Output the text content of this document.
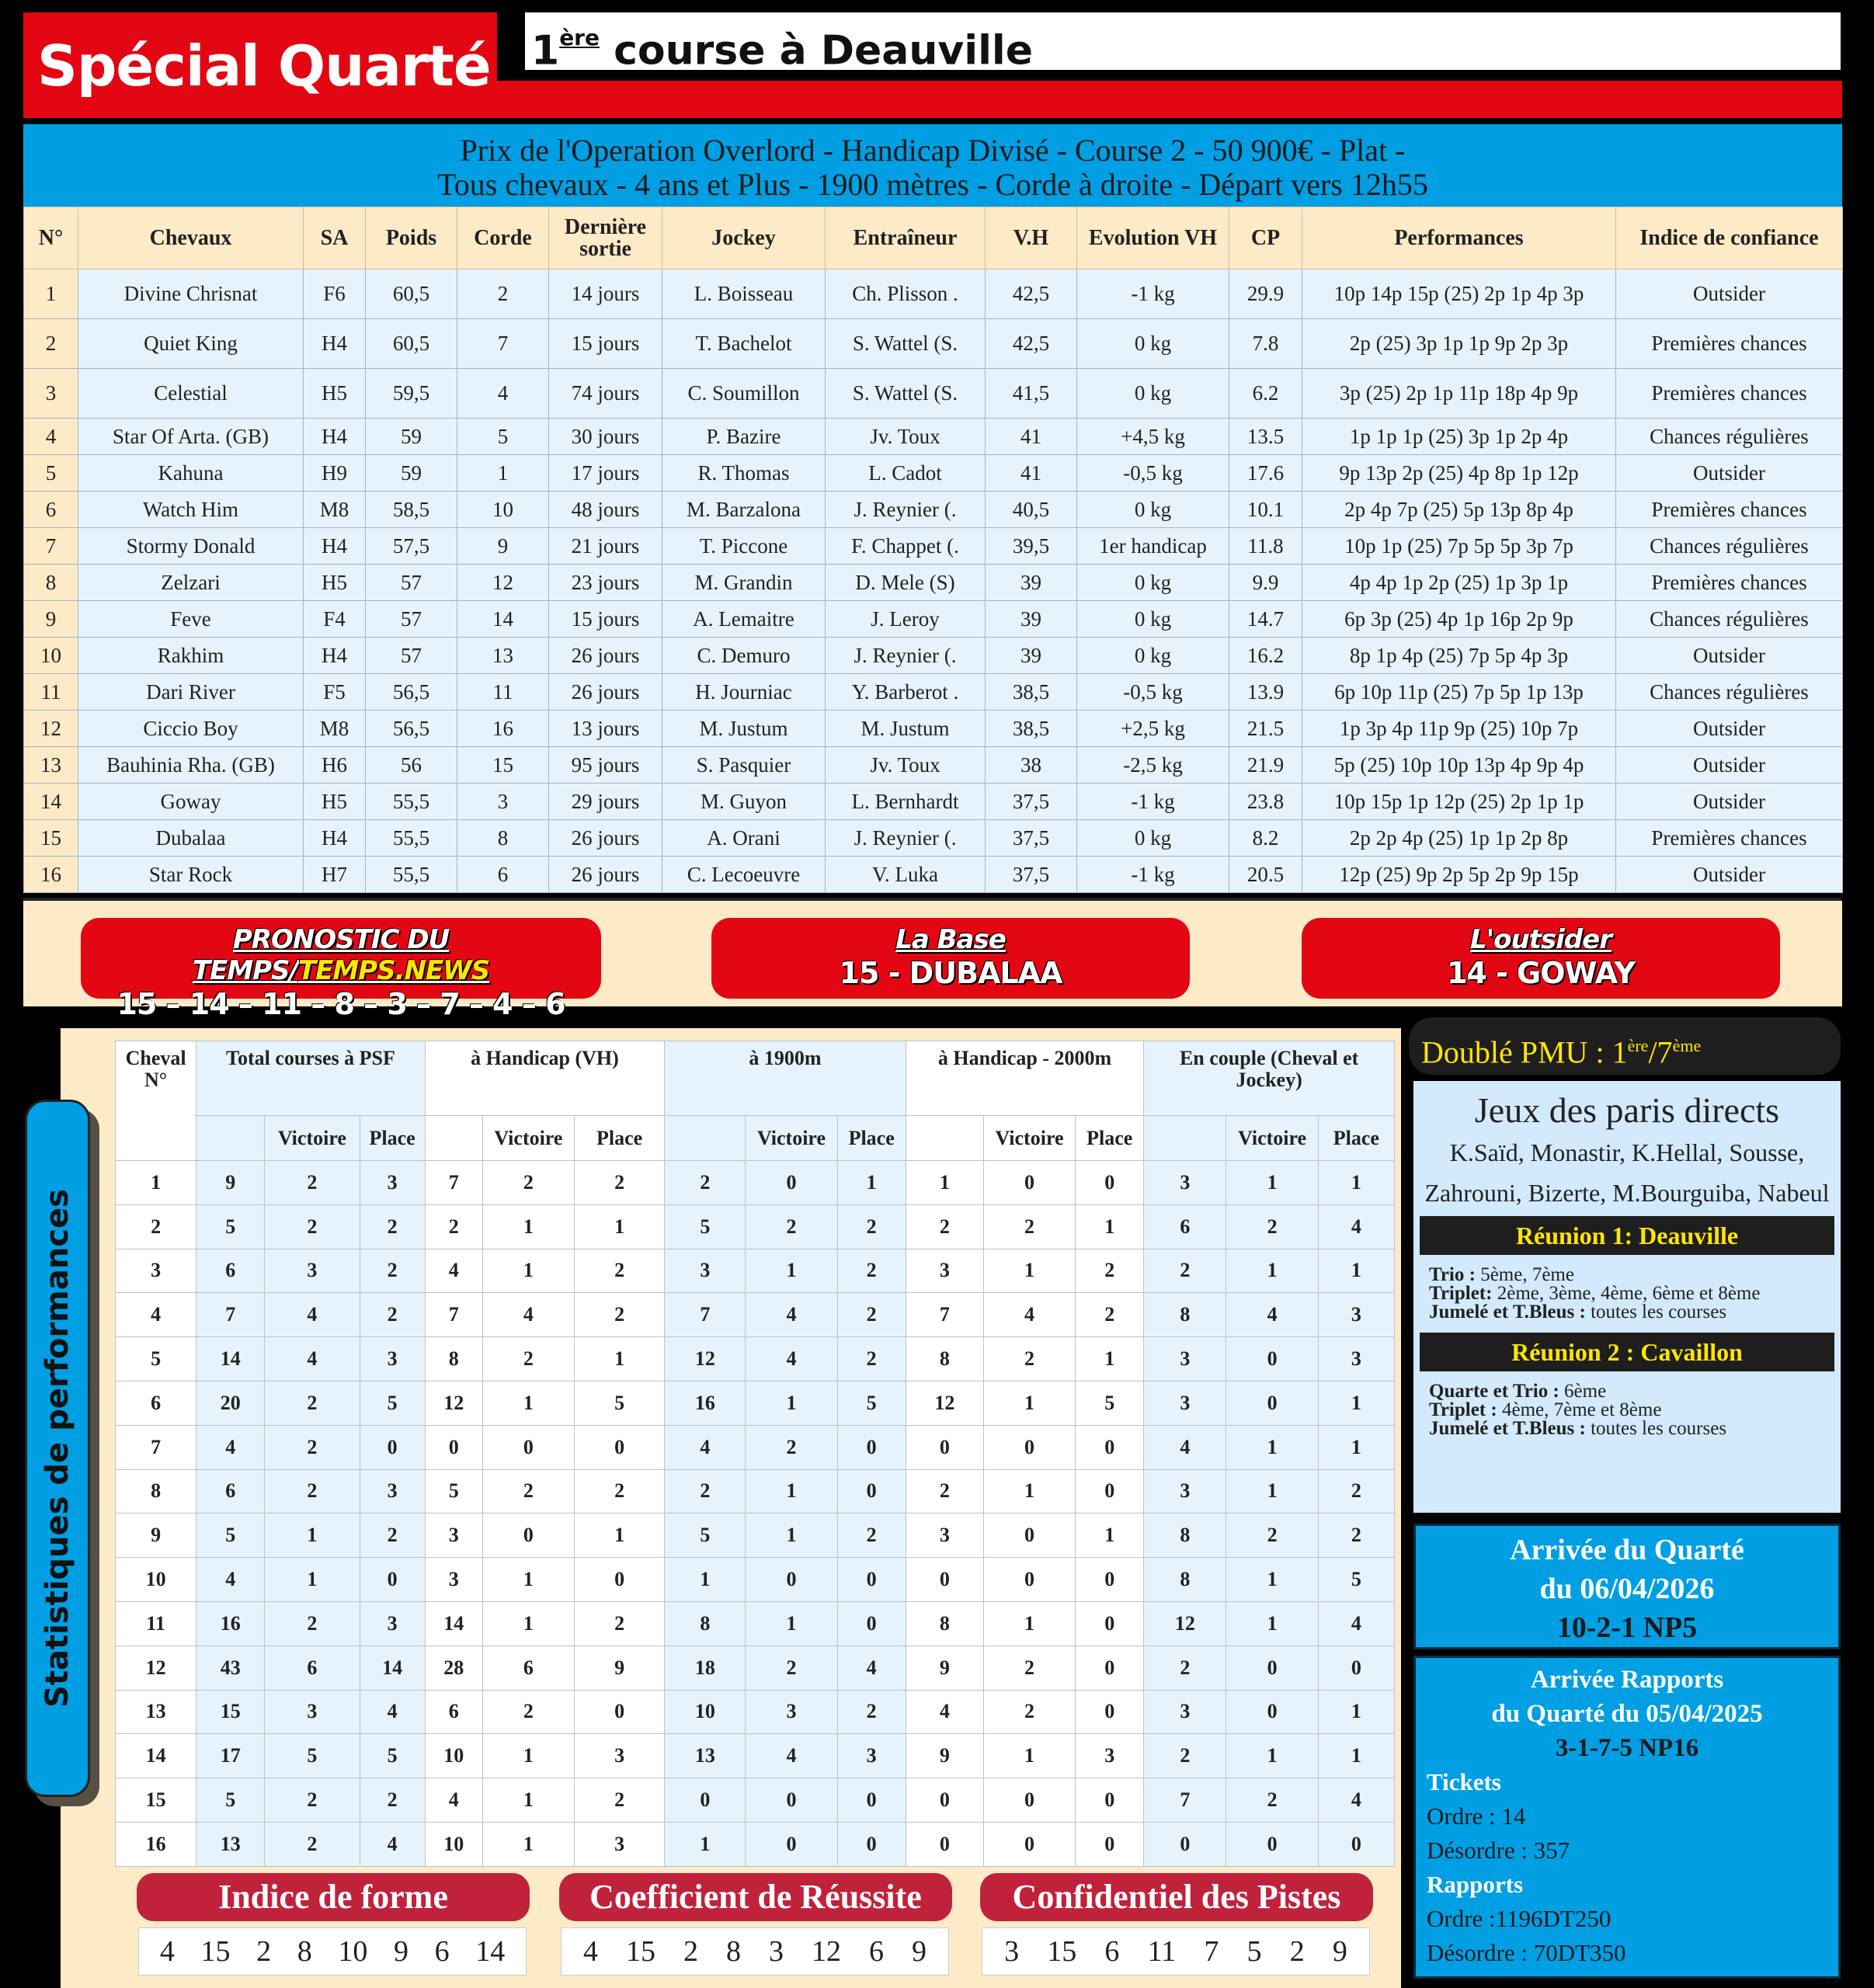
Spécial Quarté 1ère course à Deauville
Prix de l'Operation Overlord - Handicap Divisé - Course 2 - 50 900€ - Plat -
Tous chevaux - 4 ans et Plus - 1900 mètres - Corde à droite - Départ vers 12h55
N°	Chevaux	SA	Poids	Corde	Dernière sortie	Jockey	Entraîneur	V.H	Evolution VH	CP	Performances	Indice de confiance
1	Divine Chrisnat	F6	60,5	2	14 jours	L. Boisseau	Ch. Plisson .	42,5	-1 kg	29.9	10p 14p 15p (25) 2p 1p 4p 3p	Outsider
2	Quiet King	H4	60,5	7	15 jours	T. Bachelot	S. Wattel (S.	42,5	0 kg	7.8	2p (25) 3p 1p 1p 9p 2p 3p	Premières chances
3	Celestial	H5	59,5	4	74 jours	C. Soumillon	S. Wattel (S.	41,5	0 kg	6.2	3p (25) 2p 1p 11p 18p 4p 9p	Premières chances
4	Star Of Arta. (GB)	H4	59	5	30 jours	P. Bazire	Jv. Toux	41	+4,5 kg	13.5	1p 1p 1p (25) 3p 1p 2p 4p	Chances régulières
5	Kahuna	H9	59	1	17 jours	R. Thomas	L. Cadot	41	-0,5 kg	17.6	9p 13p 2p (25) 4p 8p 1p 12p	Outsider
6	Watch Him	M8	58,5	10	48 jours	M. Barzalona	J. Reynier (.	40,5	0 kg	10.1	2p 4p 7p (25) 5p 13p 8p 4p	Premières chances
7	Stormy Donald	H4	57,5	9	21 jours	T. Piccone	F. Chappet (.	39,5	1er handicap	11.8	10p 1p (25) 7p 5p 5p 3p 7p	Chances régulières
8	Zelzari	H5	57	12	23 jours	M. Grandin	D. Mele (S)	39	0 kg	9.9	4p 4p 1p 2p (25) 1p 3p 1p	Premières chances
9	Feve	F4	57	14	15 jours	A. Lemaitre	J. Leroy	39	0 kg	14.7	6p 3p (25) 4p 1p 16p 2p 9p	Chances régulières
10	Rakhim	H4	57	13	26 jours	C. Demuro	J. Reynier (.	39	0 kg	16.2	8p 1p 4p (25) 7p 5p 4p 3p	Outsider
11	Dari River	F5	56,5	11	26 jours	H. Journiac	Y. Barberot .	38,5	-0,5 kg	13.9	6p 10p 11p (25) 7p 5p 1p 13p	Chances régulières
12	Ciccio Boy	M8	56,5	16	13 jours	M. Justum	M. Justum	38,5	+2,5 kg	21.5	1p 3p 4p 11p 9p (25) 10p 7p	Outsider
13	Bauhinia Rha. (GB)	H6	56	15	95 jours	S. Pasquier	Jv. Toux	38	-2,5 kg	21.9	5p (25) 10p 10p 13p 4p 9p 4p	Outsider
14	Goway	H5	55,5	3	29 jours	M. Guyon	L. Bernhardt	37,5	-1 kg	23.8	10p 15p 1p 12p (25) 2p 1p 1p	Outsider
15	Dubalaa	H4	55,5	8	26 jours	A. Orani	J. Reynier (.	37,5	0 kg	8.2	2p 2p 4p (25) 1p 1p 2p 8p	Premières chances
16	Star Rock	H7	55,5	6	26 jours	C. Lecoeuvre	V. Luka	37,5	-1 kg	20.5	12p (25) 9p 2p 5p 2p 9p 15p	Outsider
PRONOSTIC DU TEMPS/TEMPS.NEWS
15 – 14 – 11 – 8 – 3 – 7 – 4 – 6
La Base
15 - DUBALAA
L'outsider
14 - GOWAY
Statistiques de performances
Cheval N°	Total courses à PSF			à Handicap (VH)			à 1900m			à Handicap - 2000m			En couple (Cheval et Jockey)		
		Victoire	Place		Victoire	Place		Victoire	Place		Victoire	Place		Victoire	Place
1	9	2	3	7	2	2	2	0	1	1	0	0	3	1	1
2	5	2	2	2	1	1	5	2	2	2	2	1	6	2	4
3	6	3	2	4	1	2	3	1	2	3	1	2	2	1	1
4	7	4	2	7	4	2	7	4	2	7	4	2	8	4	3
5	14	4	3	8	2	1	12	4	2	8	2	1	3	0	3
6	20	2	5	12	1	5	16	1	5	12	1	5	3	0	1
7	4	2	0	0	0	0	4	2	0	0	0	0	4	1	1
8	6	2	3	5	2	2	2	1	0	2	1	0	3	1	2
9	5	1	2	3	0	1	5	1	2	3	0	1	8	2	2
10	4	1	0	3	1	0	1	0	0	0	0	0	8	1	5
11	16	2	3	14	1	2	8	1	0	8	1	0	12	1	4
12	43	6	14	28	6	9	18	2	4	9	2	0	2	0	0
13	15	3	4	6	2	0	10	3	2	4	2	0	3	0	1
14	17	5	5	10	1	3	13	4	3	9	1	3	2	1	1
15	5	2	2	4	1	2	0	0	0	0	0	0	7	2	4
16	13	2	4	10	1	3	1	0	0	0	0	0	0	0	0
Indice de forme
4 15 2 8 10 9 6 14
Coefficient de Réussite
4 15 2 8 3 12 6 9
Confidentiel des Pistes
3 15 6 11 7 5 2 9
Doublé PMU : 1ère/7ème
Jeux des paris directs
K.Saïd, Monastir, K.Hellal, Sousse,
Zahrouni, Bizerte, M.Bourguiba, Nabeul
Réunion 1: Deauville
Trio : 5ème, 7ème
Triplet: 2ème, 3ème, 4ème, 6ème et 8ème
Jumelé et T.Bleus : toutes les courses
Réunion 2 : Cavaillon
Quarte et Trio : 6ème
Triplet : 4ème, 7ème et 8ème
Jumelé et T.Bleus : toutes les courses
Arrivée du Quarté
du 06/04/2026
10-2-1 NP5
Arrivée Rapports
du Quarté du 05/04/2025
3-1-7-5 NP16
Tickets
Ordre : 14
Désordre : 357
Rapports
Ordre :1196DT250
Désordre : 70DT350
